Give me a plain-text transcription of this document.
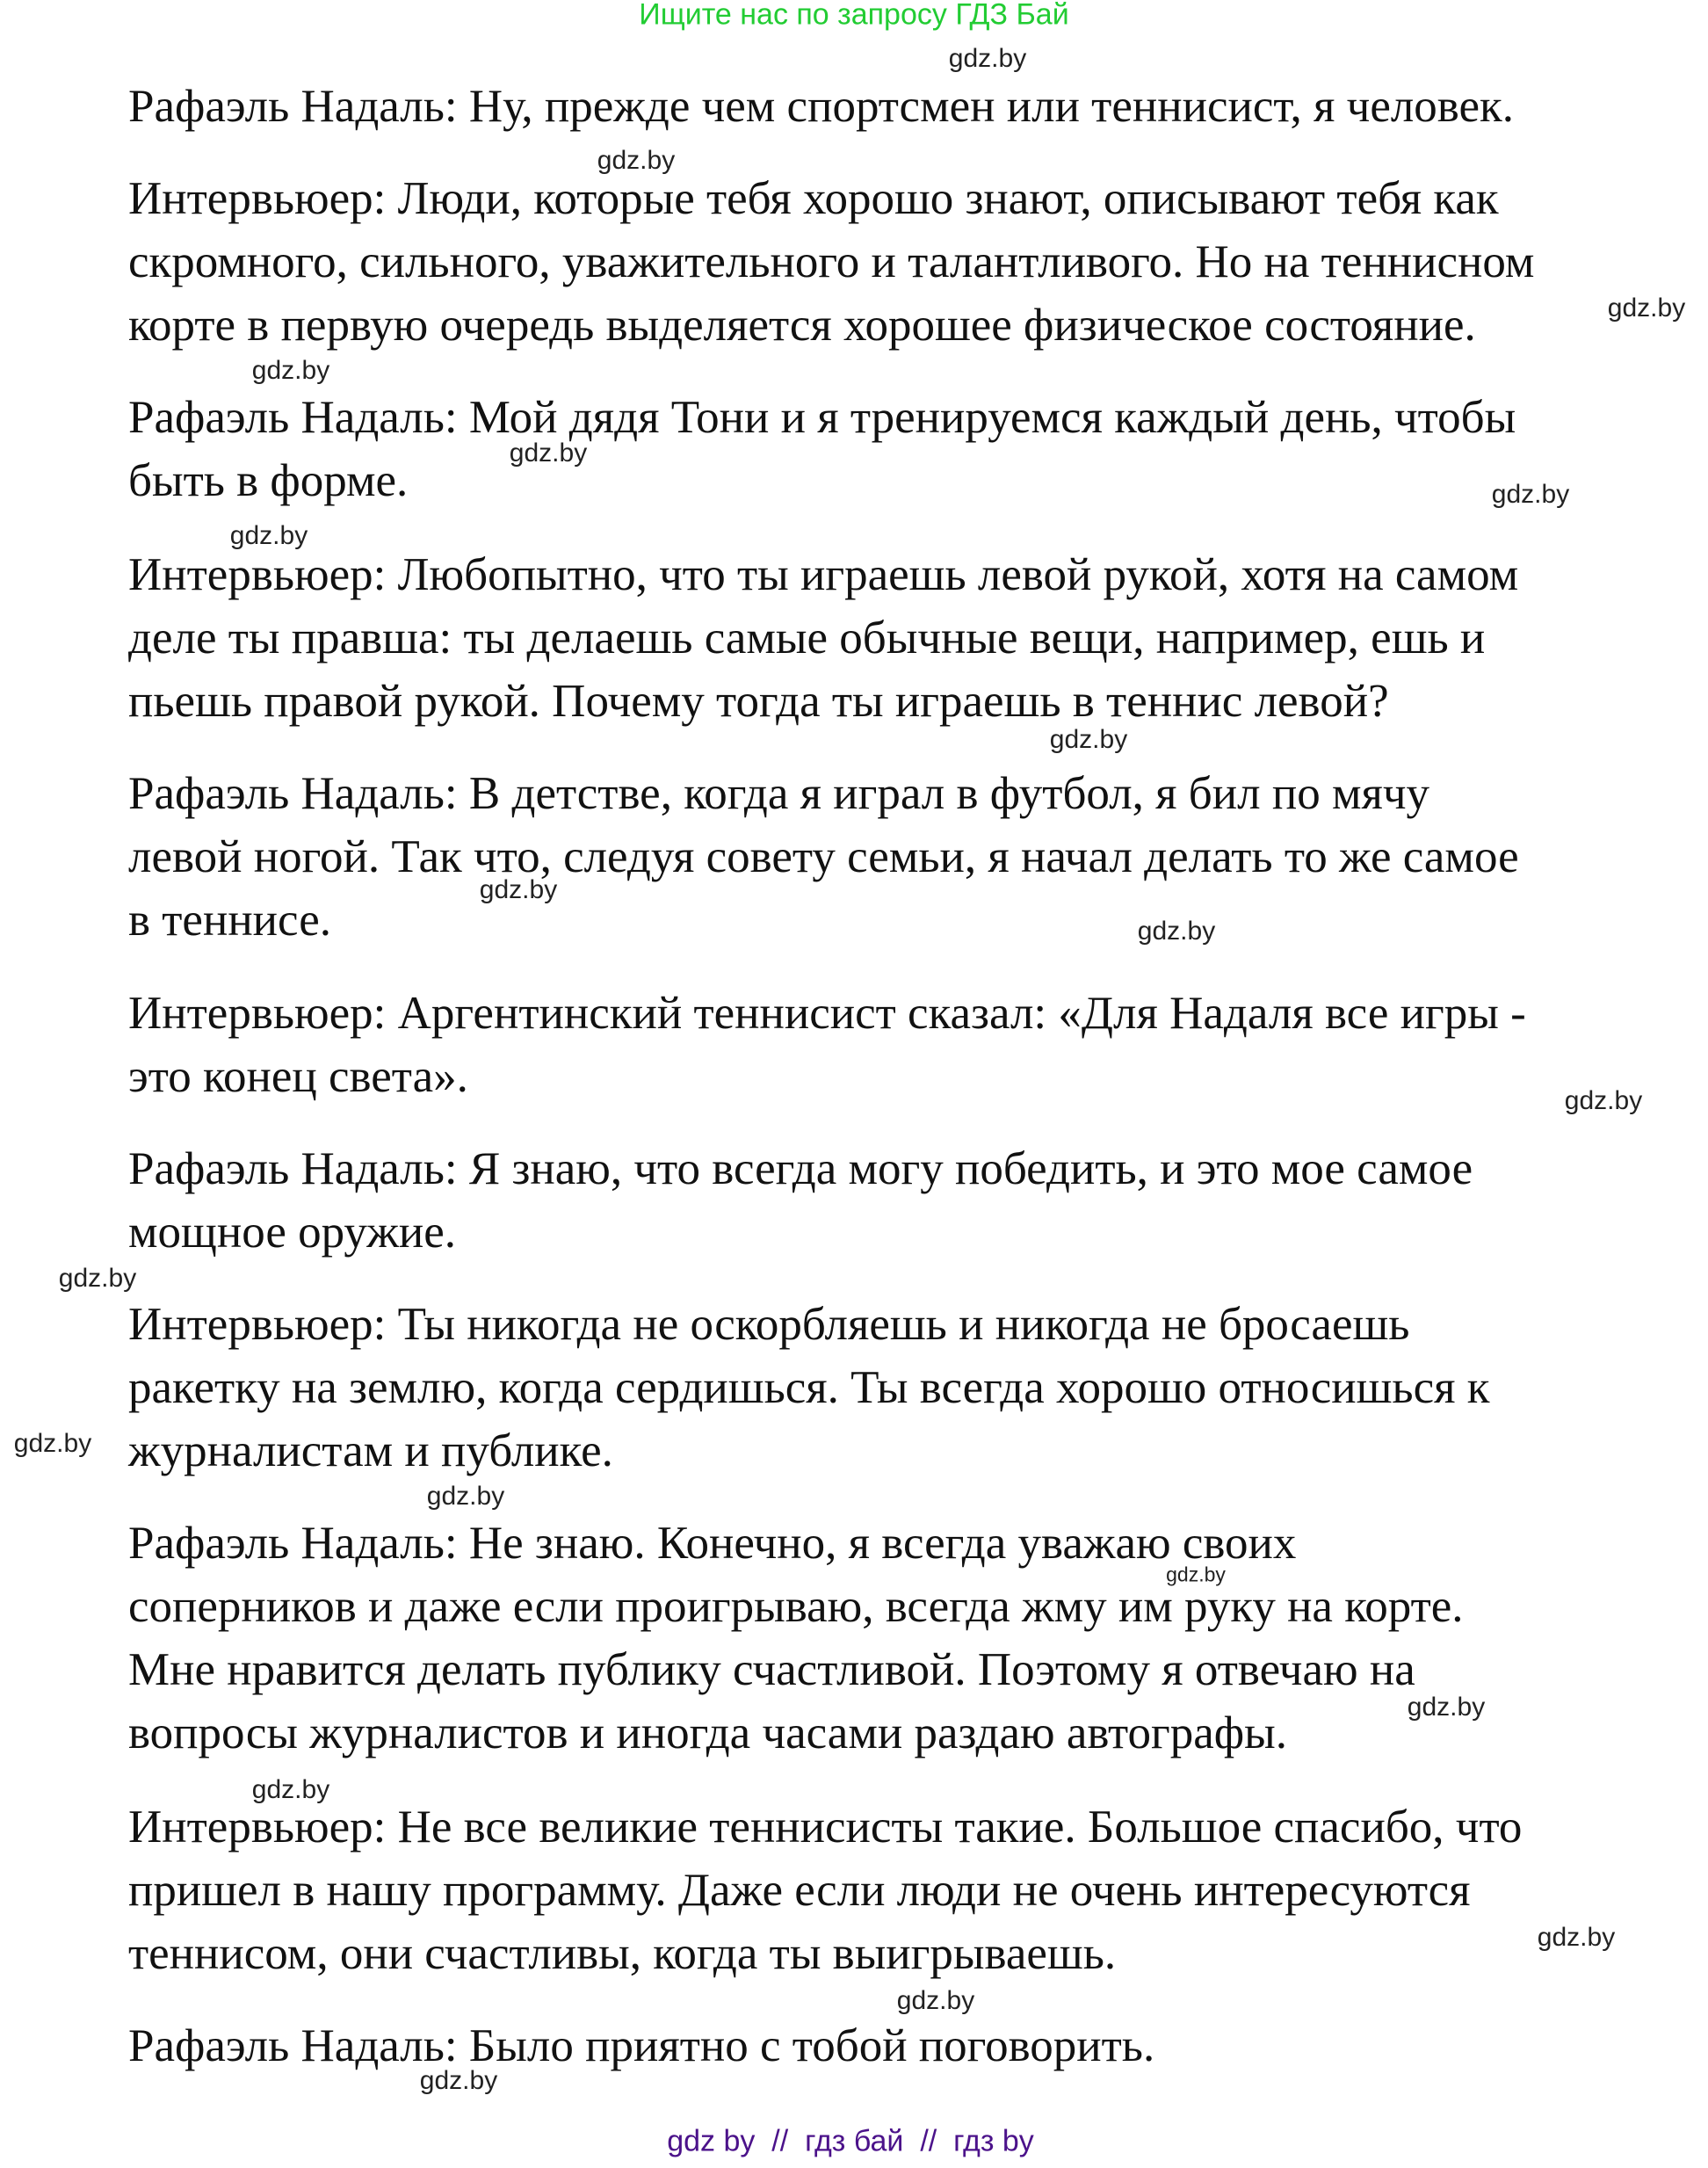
Ищите нас по запросу ГДЗ Бай
Рафаэль Надаль: Ну, прежде чем спортсмен или теннисист, я человек.
Интервьюер: Люди, которые тебя хорошо знают, описывают тебя как
скромного, сильного, уважительного и талантливого. Но на теннисном
корте в первую очередь выделяется хорошее физическое состояние.
Рафаэль Надаль: Мой дядя Тони и я тренируемся каждый день, чтобы
быть в форме.
Интервьюер: Любопытно, что ты играешь левой рукой, хотя на самом
деле ты правша: ты делаешь самые обычные вещи, например, ешь и
пьешь правой рукой. Почему тогда ты играешь в теннис левой?
Рафаэль Надаль: В детстве, когда я играл в футбол, я бил по мячу
левой ногой. Так что, следуя совету семьи, я начал делать то же самое
в теннисе.
Интервьюер: Аргентинский теннисист сказал: «Для Надаля все игры -
это конец света».
Рафаэль Надаль: Я знаю, что всегда могу победить, и это мое самое
мощное оружие.
Интервьюер: Ты никогда не оскорбляешь и никогда не бросаешь
ракетку на землю, когда сердишься. Ты всегда хорошо относишься к
журналистам и публике.
Рафаэль Надаль: Не знаю. Конечно, я всегда уважаю своих
соперников и даже если проигрываю, всегда жму им руку на корте.
Мне нравится делать публику счастливой. Поэтому я отвечаю на
вопросы журналистов и иногда часами раздаю автографы.
Интервьюер: Не все великие теннисисты такие. Большое спасибо, что
пришел в нашу программу. Даже если люди не очень интересуются
теннисом, они счастливы, когда ты выигрываешь.
Рафаэль Надаль: Было приятно с тобой поговорить.
gdz.by
gdz.by
gdz.by
gdz.by
gdz.by
gdz.by
gdz.by
gdz.by
gdz.by
gdz.by
gdz.by
gdz.by
gdz.by
gdz.by
gdz.by
gdz.by
gdz.by
gdz.by
gdz.by
gdz.by
gdz by  //  гдз бай  //  гдз by
